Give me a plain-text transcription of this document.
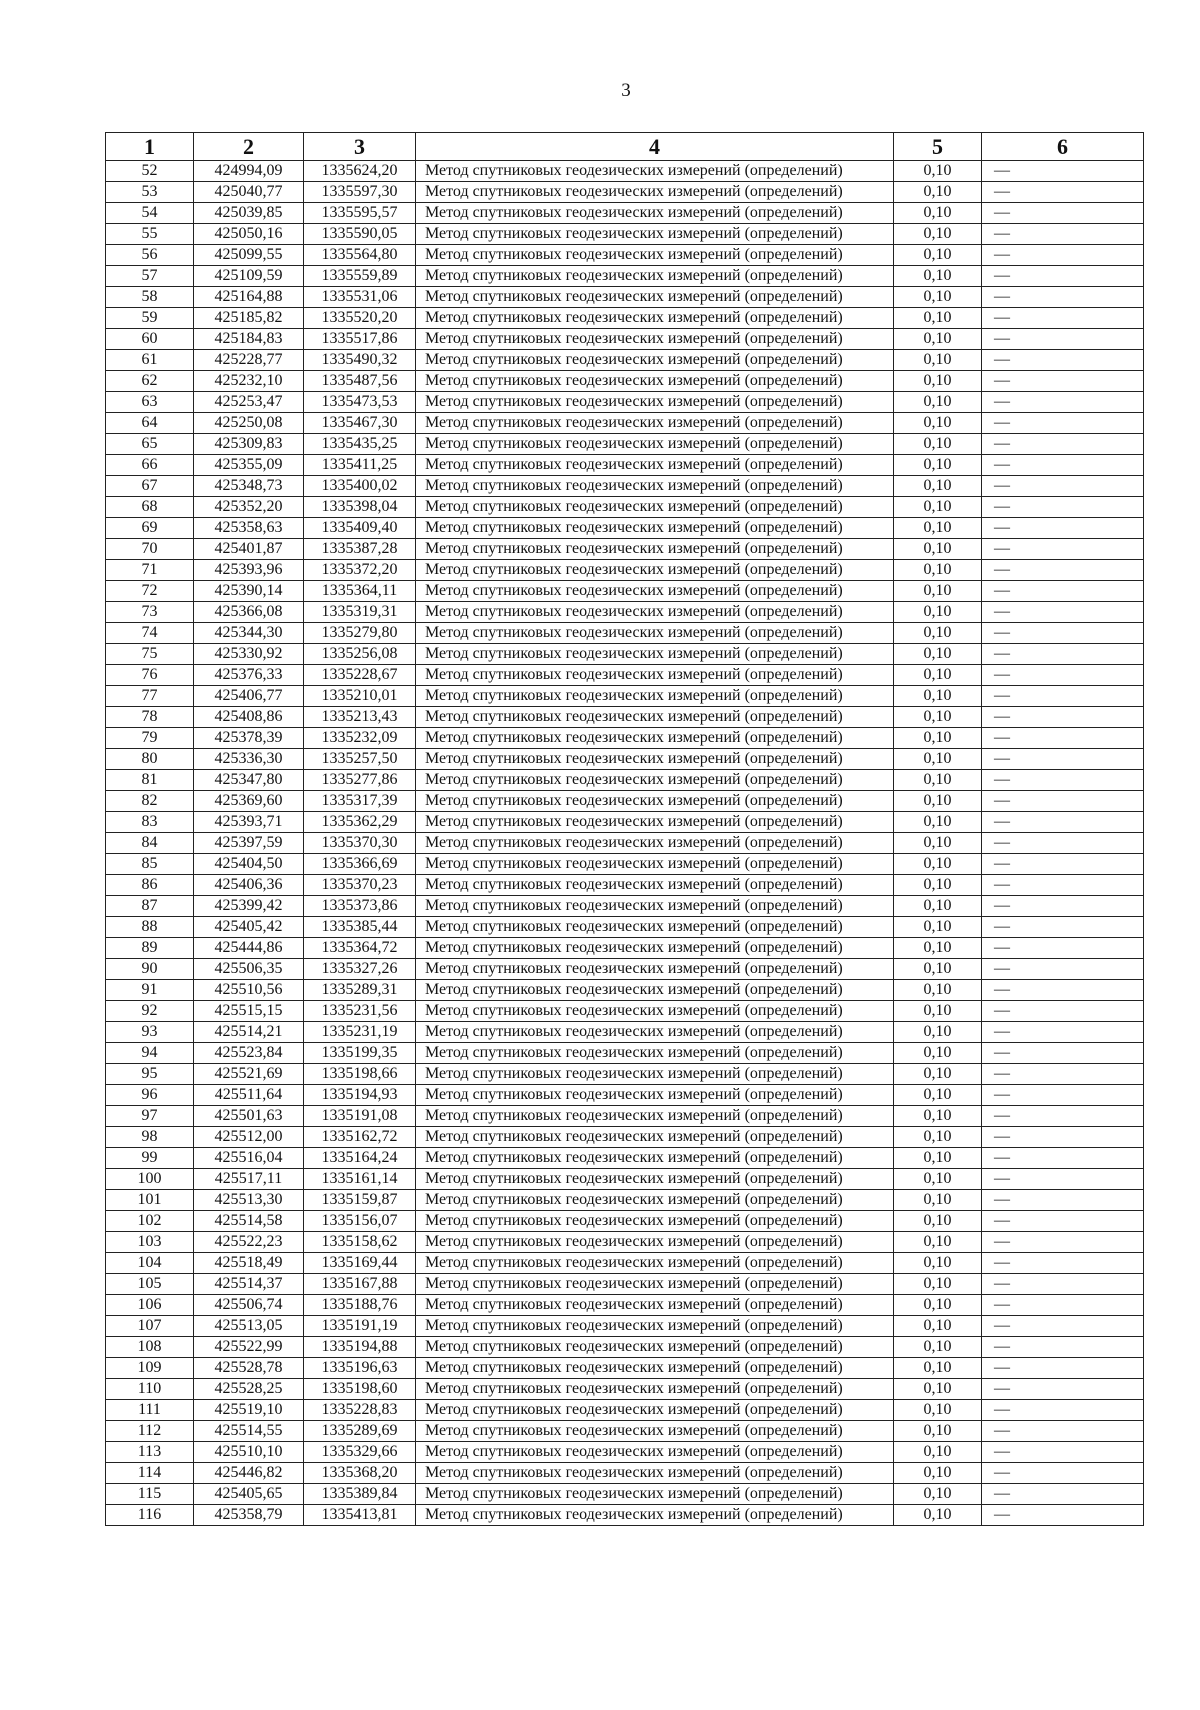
3
1	2	3	4	5	6
52	424994,09	1335624,20	Метод спутниковых геодезических измерений (определений)	0,10	—
53	425040,77	1335597,30	Метод спутниковых геодезических измерений (определений)	0,10	—
54	425039,85	1335595,57	Метод спутниковых геодезических измерений (определений)	0,10	—
55	425050,16	1335590,05	Метод спутниковых геодезических измерений (определений)	0,10	—
56	425099,55	1335564,80	Метод спутниковых геодезических измерений (определений)	0,10	—
57	425109,59	1335559,89	Метод спутниковых геодезических измерений (определений)	0,10	—
58	425164,88	1335531,06	Метод спутниковых геодезических измерений (определений)	0,10	—
59	425185,82	1335520,20	Метод спутниковых геодезических измерений (определений)	0,10	—
60	425184,83	1335517,86	Метод спутниковых геодезических измерений (определений)	0,10	—
61	425228,77	1335490,32	Метод спутниковых геодезических измерений (определений)	0,10	—
62	425232,10	1335487,56	Метод спутниковых геодезических измерений (определений)	0,10	—
63	425253,47	1335473,53	Метод спутниковых геодезических измерений (определений)	0,10	—
64	425250,08	1335467,30	Метод спутниковых геодезических измерений (определений)	0,10	—
65	425309,83	1335435,25	Метод спутниковых геодезических измерений (определений)	0,10	—
66	425355,09	1335411,25	Метод спутниковых геодезических измерений (определений)	0,10	—
67	425348,73	1335400,02	Метод спутниковых геодезических измерений (определений)	0,10	—
68	425352,20	1335398,04	Метод спутниковых геодезических измерений (определений)	0,10	—
69	425358,63	1335409,40	Метод спутниковых геодезических измерений (определений)	0,10	—
70	425401,87	1335387,28	Метод спутниковых геодезических измерений (определений)	0,10	—
71	425393,96	1335372,20	Метод спутниковых геодезических измерений (определений)	0,10	—
72	425390,14	1335364,11	Метод спутниковых геодезических измерений (определений)	0,10	—
73	425366,08	1335319,31	Метод спутниковых геодезических измерений (определений)	0,10	—
74	425344,30	1335279,80	Метод спутниковых геодезических измерений (определений)	0,10	—
75	425330,92	1335256,08	Метод спутниковых геодезических измерений (определений)	0,10	—
76	425376,33	1335228,67	Метод спутниковых геодезических измерений (определений)	0,10	—
77	425406,77	1335210,01	Метод спутниковых геодезических измерений (определений)	0,10	—
78	425408,86	1335213,43	Метод спутниковых геодезических измерений (определений)	0,10	—
79	425378,39	1335232,09	Метод спутниковых геодезических измерений (определений)	0,10	—
80	425336,30	1335257,50	Метод спутниковых геодезических измерений (определений)	0,10	—
81	425347,80	1335277,86	Метод спутниковых геодезических измерений (определений)	0,10	—
82	425369,60	1335317,39	Метод спутниковых геодезических измерений (определений)	0,10	—
83	425393,71	1335362,29	Метод спутниковых геодезических измерений (определений)	0,10	—
84	425397,59	1335370,30	Метод спутниковых геодезических измерений (определений)	0,10	—
85	425404,50	1335366,69	Метод спутниковых геодезических измерений (определений)	0,10	—
86	425406,36	1335370,23	Метод спутниковых геодезических измерений (определений)	0,10	—
87	425399,42	1335373,86	Метод спутниковых геодезических измерений (определений)	0,10	—
88	425405,42	1335385,44	Метод спутниковых геодезических измерений (определений)	0,10	—
89	425444,86	1335364,72	Метод спутниковых геодезических измерений (определений)	0,10	—
90	425506,35	1335327,26	Метод спутниковых геодезических измерений (определений)	0,10	—
91	425510,56	1335289,31	Метод спутниковых геодезических измерений (определений)	0,10	—
92	425515,15	1335231,56	Метод спутниковых геодезических измерений (определений)	0,10	—
93	425514,21	1335231,19	Метод спутниковых геодезических измерений (определений)	0,10	—
94	425523,84	1335199,35	Метод спутниковых геодезических измерений (определений)	0,10	—
95	425521,69	1335198,66	Метод спутниковых геодезических измерений (определений)	0,10	—
96	425511,64	1335194,93	Метод спутниковых геодезических измерений (определений)	0,10	—
97	425501,63	1335191,08	Метод спутниковых геодезических измерений (определений)	0,10	—
98	425512,00	1335162,72	Метод спутниковых геодезических измерений (определений)	0,10	—
99	425516,04	1335164,24	Метод спутниковых геодезических измерений (определений)	0,10	—
100	425517,11	1335161,14	Метод спутниковых геодезических измерений (определений)	0,10	—
101	425513,30	1335159,87	Метод спутниковых геодезических измерений (определений)	0,10	—
102	425514,58	1335156,07	Метод спутниковых геодезических измерений (определений)	0,10	—
103	425522,23	1335158,62	Метод спутниковых геодезических измерений (определений)	0,10	—
104	425518,49	1335169,44	Метод спутниковых геодезических измерений (определений)	0,10	—
105	425514,37	1335167,88	Метод спутниковых геодезических измерений (определений)	0,10	—
106	425506,74	1335188,76	Метод спутниковых геодезических измерений (определений)	0,10	—
107	425513,05	1335191,19	Метод спутниковых геодезических измерений (определений)	0,10	—
108	425522,99	1335194,88	Метод спутниковых геодезических измерений (определений)	0,10	—
109	425528,78	1335196,63	Метод спутниковых геодезических измерений (определений)	0,10	—
110	425528,25	1335198,60	Метод спутниковых геодезических измерений (определений)	0,10	—
111	425519,10	1335228,83	Метод спутниковых геодезических измерений (определений)	0,10	—
112	425514,55	1335289,69	Метод спутниковых геодезических измерений (определений)	0,10	—
113	425510,10	1335329,66	Метод спутниковых геодезических измерений (определений)	0,10	—
114	425446,82	1335368,20	Метод спутниковых геодезических измерений (определений)	0,10	—
115	425405,65	1335389,84	Метод спутниковых геодезических измерений (определений)	0,10	—
116	425358,79	1335413,81	Метод спутниковых геодезических измерений (определений)	0,10	—
